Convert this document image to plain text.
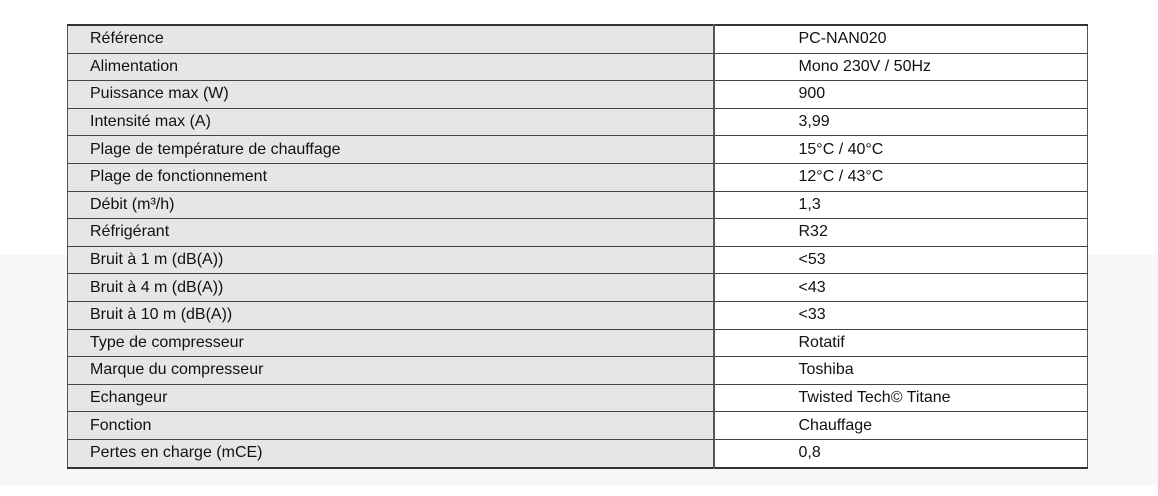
Référence	PC-NAN020
Alimentation	Mono 230V / 50Hz
Puissance max (W)	900
Intensité max (A)	3,99
Plage de température de chauffage	15°C / 40°C
Plage de fonctionnement	12°C / 43°C
Débit (m³/h)	1,3
Réfrigérant	R32
Bruit à 1 m (dB(A))	<53
Bruit à 4 m (dB(A))	<43
Bruit à 10 m (dB(A))	<33
Type de compresseur	Rotatif
Marque du compresseur	Toshiba
Echangeur	Twisted Tech© Titane
Fonction	Chauffage
Pertes en charge (mCE)	0,8
